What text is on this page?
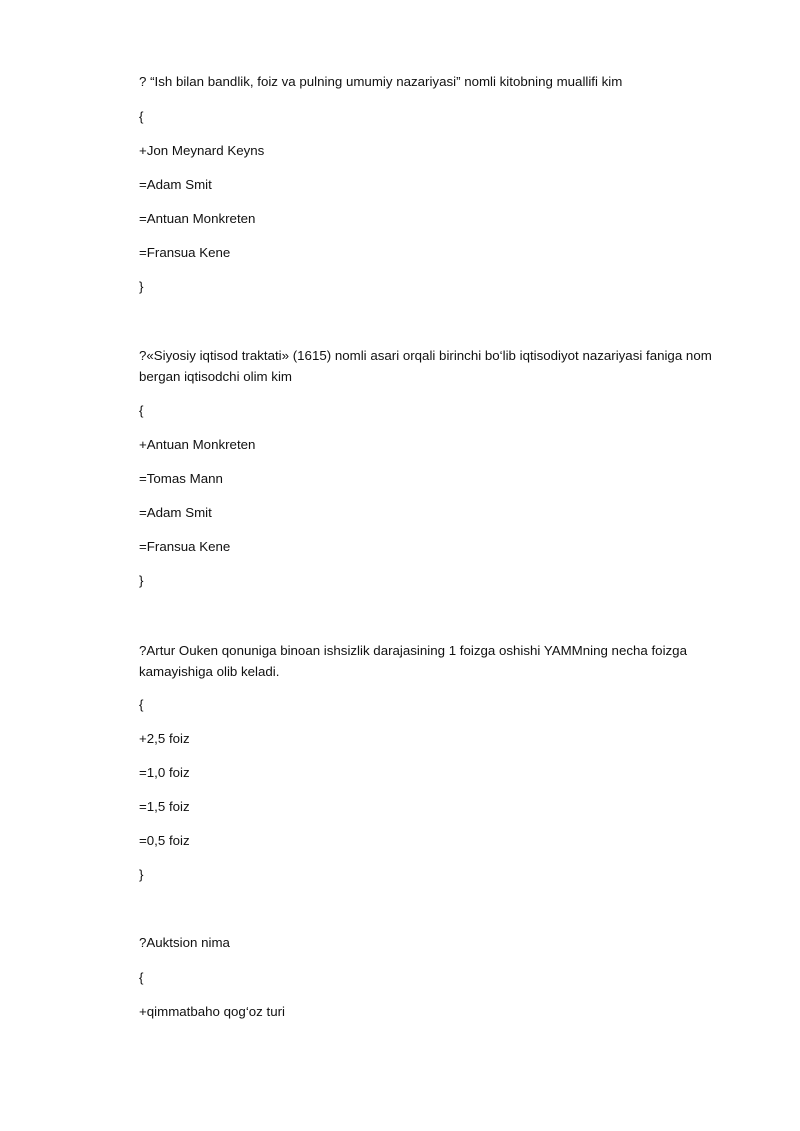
? “Ish bilan bandlik, foiz va pulning umumiy nazariyasi” nomli kitobning muallifi kim
{
+Jon Meynard Keyns
=Adam Smit
=Antuan Monkreten
=Fransua Kene
}
?«Siyosiy iqtisod traktati» (1615) nomli asari orqali birinchi bo‘lib iqtisodiyot nazariyasi faniga nom bergan iqtisodchi olim kim
{
+Antuan Monkreten
=Tomas Mann
=Adam Smit
=Fransua Kene
}
?Artur Ouken qonuniga binoan ishsizlik darajasining 1 foizga oshishi YAMMning necha foizga kamayishiga olib keladi.
{
+2,5 foiz
=1,0 foiz
=1,5 foiz
=0,5 foiz
}
?Auktsion nima
{
+qimmatbaho qog‘oz turi
